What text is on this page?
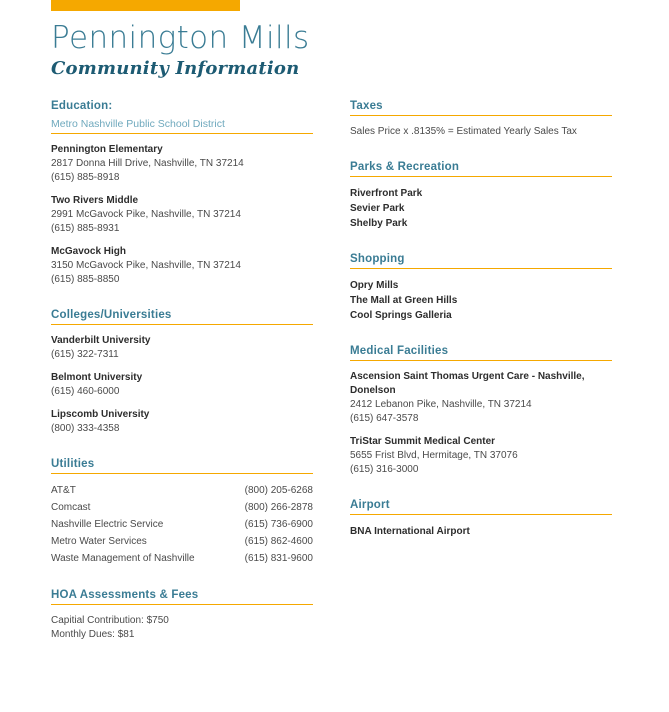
Pennington Mills
Community Information
Education:
Metro Nashville Public School District
Pennington Elementary
2817 Donna Hill Drive, Nashville, TN 37214
(615) 885-8918
Two Rivers Middle
2991 McGavock Pike, Nashville, TN 37214
(615) 885-8931
McGavock High
3150 McGavock Pike, Nashville, TN 37214
(615) 885-8850
Colleges/Universities
Vanderbilt University
(615) 322-7311
Belmont University
(615) 460-6000
Lipscomb University
(800) 333-4358
Utilities
AT&T	(800) 205-6268
Comcast	(800) 266-2878
Nashville Electric Service	(615) 736-6900
Metro Water Services	(615) 862-4600
Waste Management of Nashville	(615) 831-9600
HOA Assessments & Fees
Capitial Contribution: $750
Monthly Dues: $81
Taxes
Sales Price x .8135% = Estimated Yearly Sales Tax
Parks & Recreation
Riverfront Park
Sevier Park
Shelby Park
Shopping
Opry Mills
The Mall at Green Hills
Cool Springs Galleria
Medical Facilities
Ascension Saint Thomas Urgent Care - Nashville, Donelson
2412 Lebanon Pike, Nashville, TN 37214
(615) 647-3578
TriStar Summit Medical Center
5655 Frist Blvd, Hermitage, TN 37076
(615) 316-3000
Airport
BNA International Airport
